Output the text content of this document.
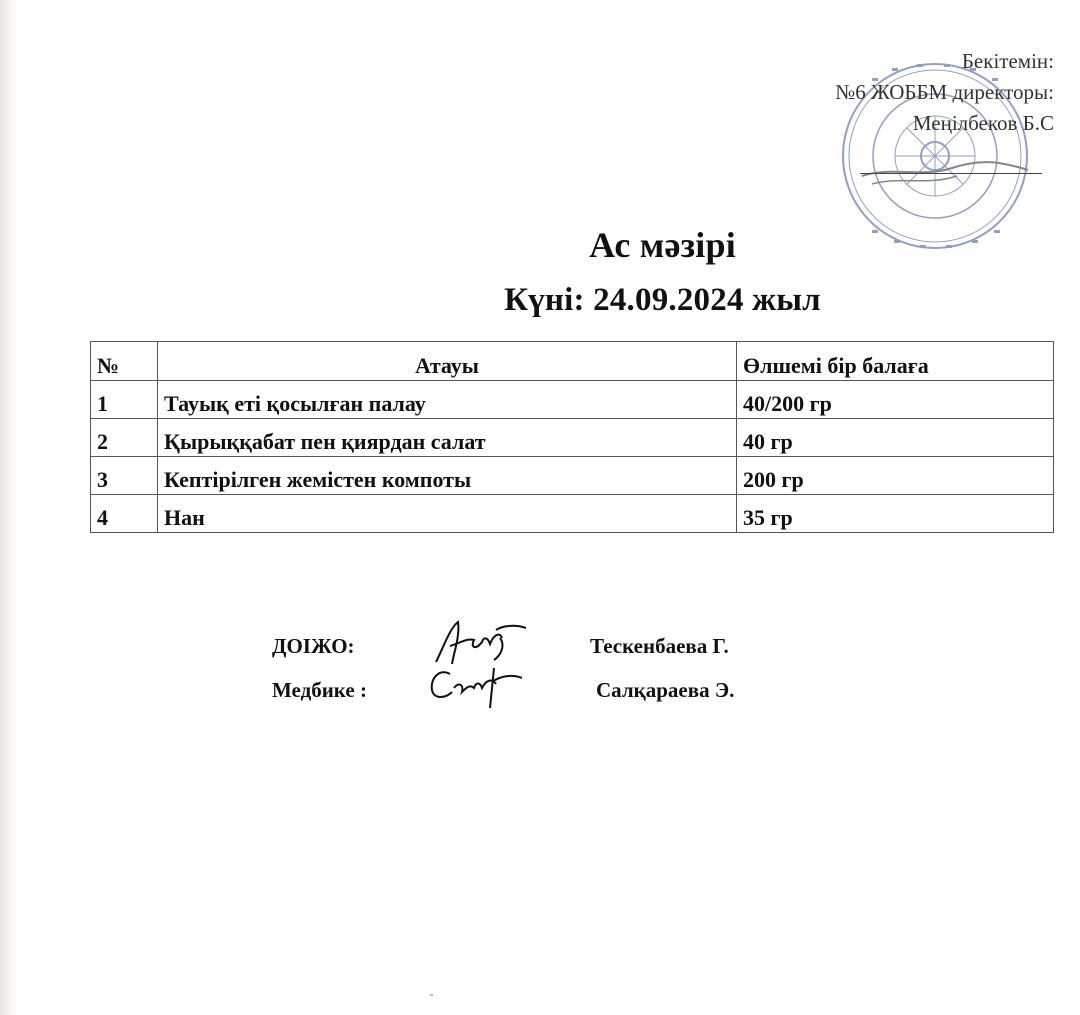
Бекітемін:
№6 ЖОББМ директоры:
Меңілбеков Б.С
Ас мәзірі
Күні: 24.09.2024 жыл
№	Атауы	Өлшемі бір балаға
1	Тауық еті қосылған палау	40/200 гр
2	Қырыққабат пен қиярдан салат	40 гр
3	Кептірілген жемістен компоты	200 гр
4	Нан	35 гр
ДОІЖО:	Тескенбаева Г.
Медбике :	Салқараева Э.
